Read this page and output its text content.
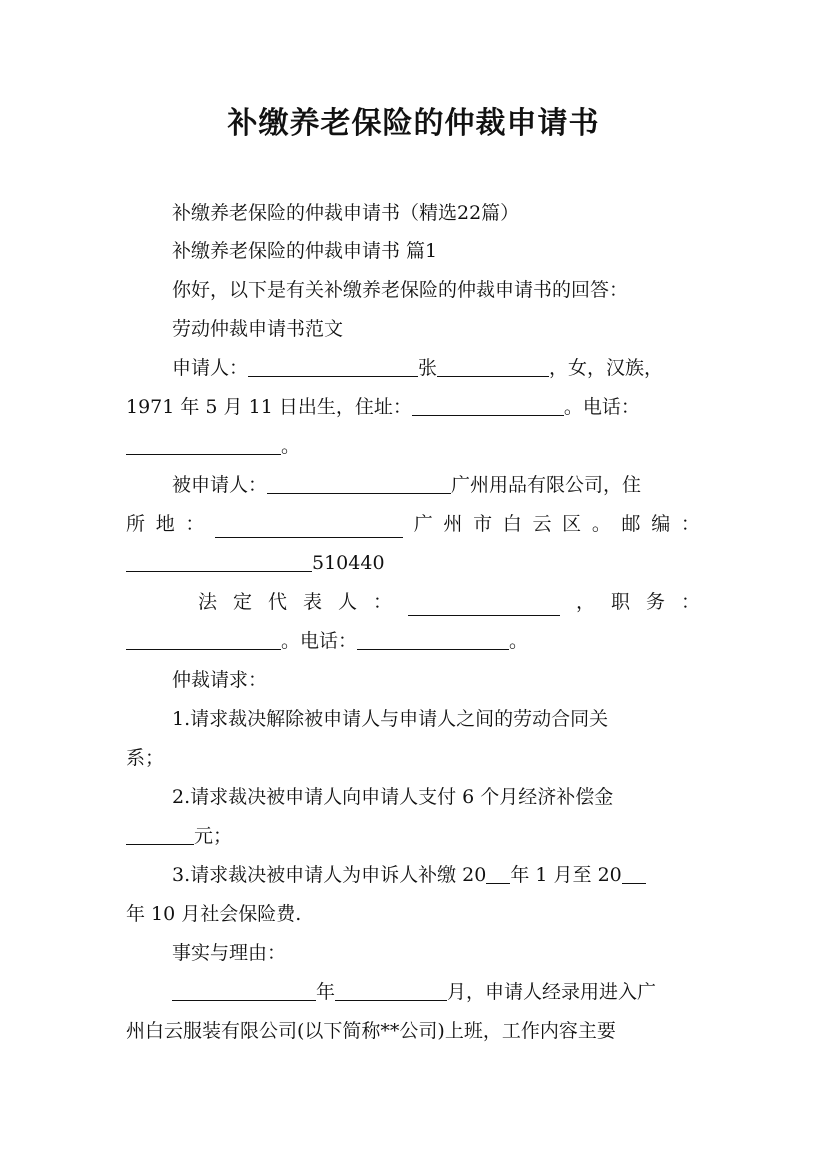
补缴养老保险的仲裁申请书
补缴养老保险的仲裁申请书（精选22篇）
补缴养老保险的仲裁申请书 篇1
你好，以下是有关补缴养老保险的仲裁申请书的回答：
劳动仲裁申请书范文
申请人：	张	，女，汉族，
1971 年 5 月 11 日出生，住址：	。电话：
。
被申请人：	广州用品有限公司，住
所 地 ：	广 州 市 白 云 区 。 邮 编 ：
510440
法 定 代 表 人 ：	， 职 务 ：
。电话：	。
仲裁请求：
1.请求裁决解除被申请人与申请人之间的劳动合同关
系；
2.请求裁决被申请人向申请人支付 6 个月经济补偿金
元；
3.请求裁决被申请人为申诉人补缴 20 年 1 月至 20
年 10 月社会保险费.
事实与理由：
年	月，申请人经录用进入广
州白云服装有限公司(以下简称**公司)上班，工作内容主要
